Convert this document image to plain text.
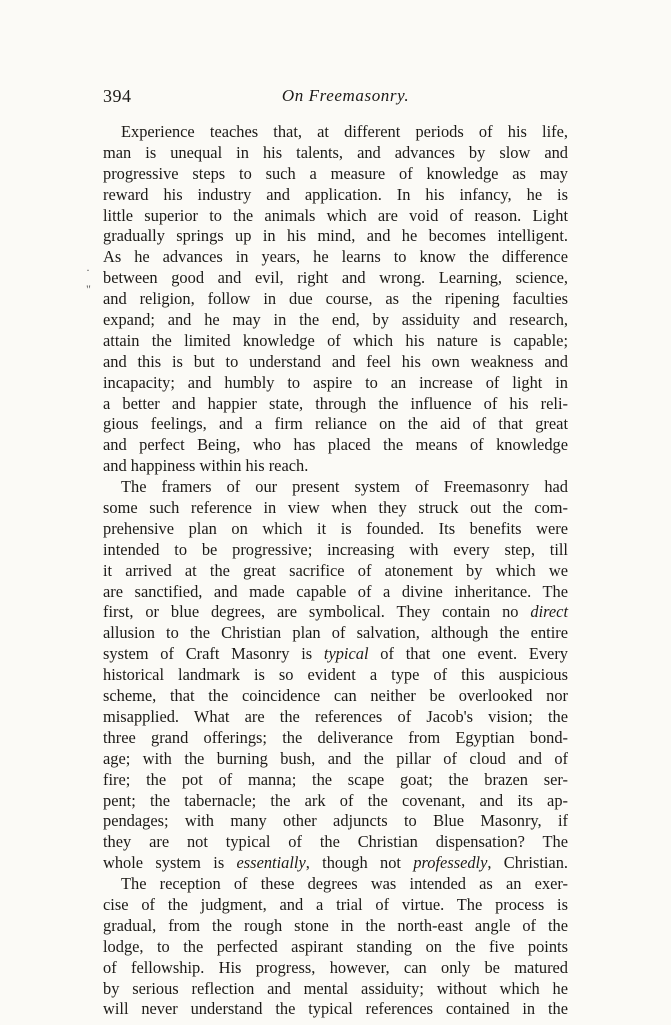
394	On Freemasonry.
·
"
Experience teaches that, at different periods of his life,
man is unequal in his talents, and advances by slow and
progressive steps to such a measure of knowledge as may
reward his industry and application. In his infancy, he is
little superior to the animals which are void of reason. Light
gradually springs up in his mind, and he becomes intelligent.
As he advances in years, he learns to know the difference
between good and evil, right and wrong. Learning, science,
and religion, follow in due course, as the ripening faculties
expand; and he may in the end, by assiduity and research,
attain the limited knowledge of which his nature is capable;
and this is but to understand and feel his own weakness and
incapacity; and humbly to aspire to an increase of light in
a better and happier state, through the influence of his reli-
gious feelings, and a firm reliance on the aid of that great
and perfect Being, who has placed the means of knowledge
and happiness within his reach.
The framers of our present system of Freemasonry had
some such reference in view when they struck out the com-
prehensive plan on which it is founded. Its benefits were
intended to be progressive; increasing with every step, till
it arrived at the great sacrifice of atonement by which we
are sanctified, and made capable of a divine inheritance. The
first, or blue degrees, are symbolical. They contain no direct
allusion to the Christian plan of salvation, although the entire
system of Craft Masonry is typical of that one event. Every
historical landmark is so evident a type of this auspicious
scheme, that the coincidence can neither be overlooked nor
misapplied. What are the references of Jacob's vision; the
three grand offerings; the deliverance from Egyptian bond-
age; with the burning bush, and the pillar of cloud and of
fire; the pot of manna; the scape goat; the brazen ser-
pent; the tabernacle; the ark of the covenant, and its ap-
pendages; with many other adjuncts to Blue Masonry, if
they are not typical of the Christian dispensation? The
whole system is essentially, though not professedly, Christian.
The reception of these degrees was intended as an exer-
cise of the judgment, and a trial of virtue. The process is
gradual, from the rough stone in the north-east angle of the
lodge, to the perfected aspirant standing on the five points
of fellowship. His progress, however, can only be matured
by serious reflection and mental assiduity; without which he
will never understand the typical references contained in the
